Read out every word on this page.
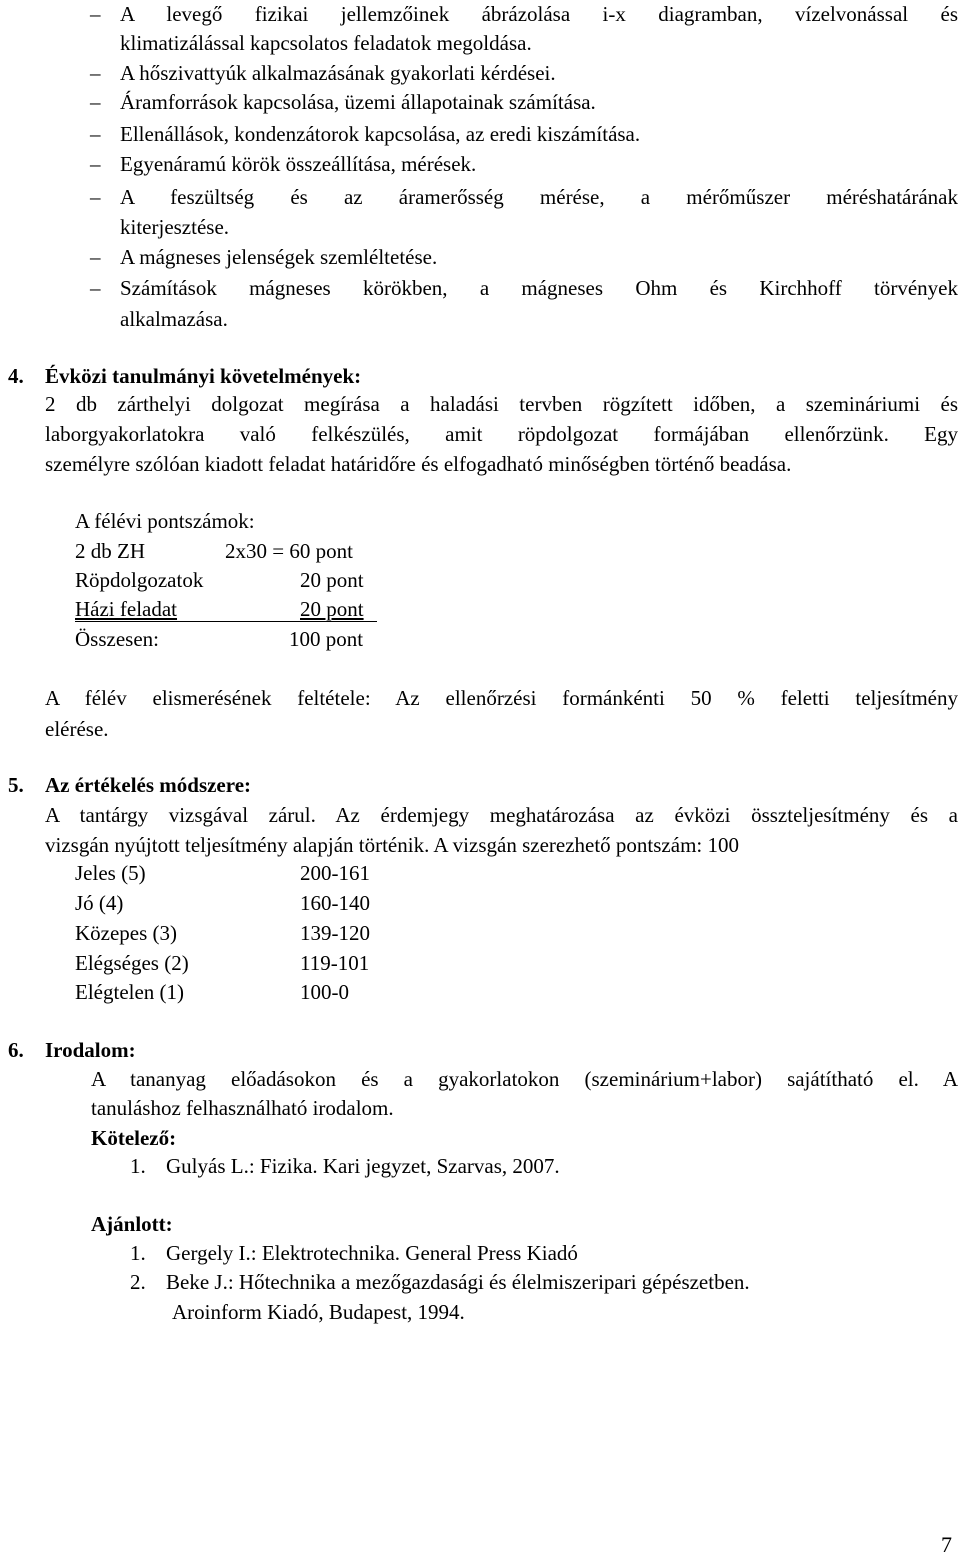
– A levegő fizikai jellemzőinek ábrázolása i-x diagramban, vízelvonással és
klimatizálással kapcsolatos feladatok megoldása.
– A hőszivattyúk alkalmazásának gyakorlati kérdései.
– Áramforrások kapcsolása, üzemi állapotainak számítása.
– Ellenállások, kondenzátorok kapcsolása, az eredi kiszámítása.
– Egyenáramú körök összeállítása, mérések.
– A feszültség és az áramerősség mérése, a mérőműszer méréshatárának
kiterjesztése.
– A mágneses jelenségek szemléltetése.
– Számítások mágneses körökben, a mágneses Ohm és Kirchhoff törvények
alkalmazása.
4. Évközi tanulmányi követelmények:
2 db zárthelyi dolgozat megírása a haladási tervben rögzített időben, a szemináriumi és
laborgyakorlatokra való felkészülés, amit röpdolgozat formájában ellenőrzünk. Egy
személyre szólóan kiadott feladat határidőre és elfogadható minőségben történő beadása.
A félévi pontszámok:
2 db ZH	2x30 = 60 pont
Röpdolgozatok	20 pont
Házi feladat	20 pont
Összesen:	100 pont
A félév elismerésének feltétele: Az ellenőrzési formánkénti 50 % feletti teljesítmény
elérése.
5. Az értékelés módszere:
A tantárgy vizsgával zárul. Az érdemjegy meghatározása az évközi összteljesítmény és a
vizsgán nyújtott teljesítmény alapján történik. A vizsgán szerezhető pontszám: 100
Jeles (5)	200-161
Jó (4)	160-140
Közepes (3)	139-120
Elégséges (2)	119-101
Elégtelen (1)	100-0
6. Irodalom:
A tananyag előadásokon és a gyakorlatokon (szeminárium+labor) sajátítható el. A
tanuláshoz felhasználható irodalom.
Kötelező:
1. Gulyás L.: Fizika. Kari jegyzet, Szarvas, 2007.
Ajánlott:
1. Gergely I.: Elektrotechnika. General Press Kiadó
2. Beke J.: Hőtechnika a mezőgazdasági és élelmiszeripari gépészetben.
Aroinform Kiadó, Budapest, 1994.
7
